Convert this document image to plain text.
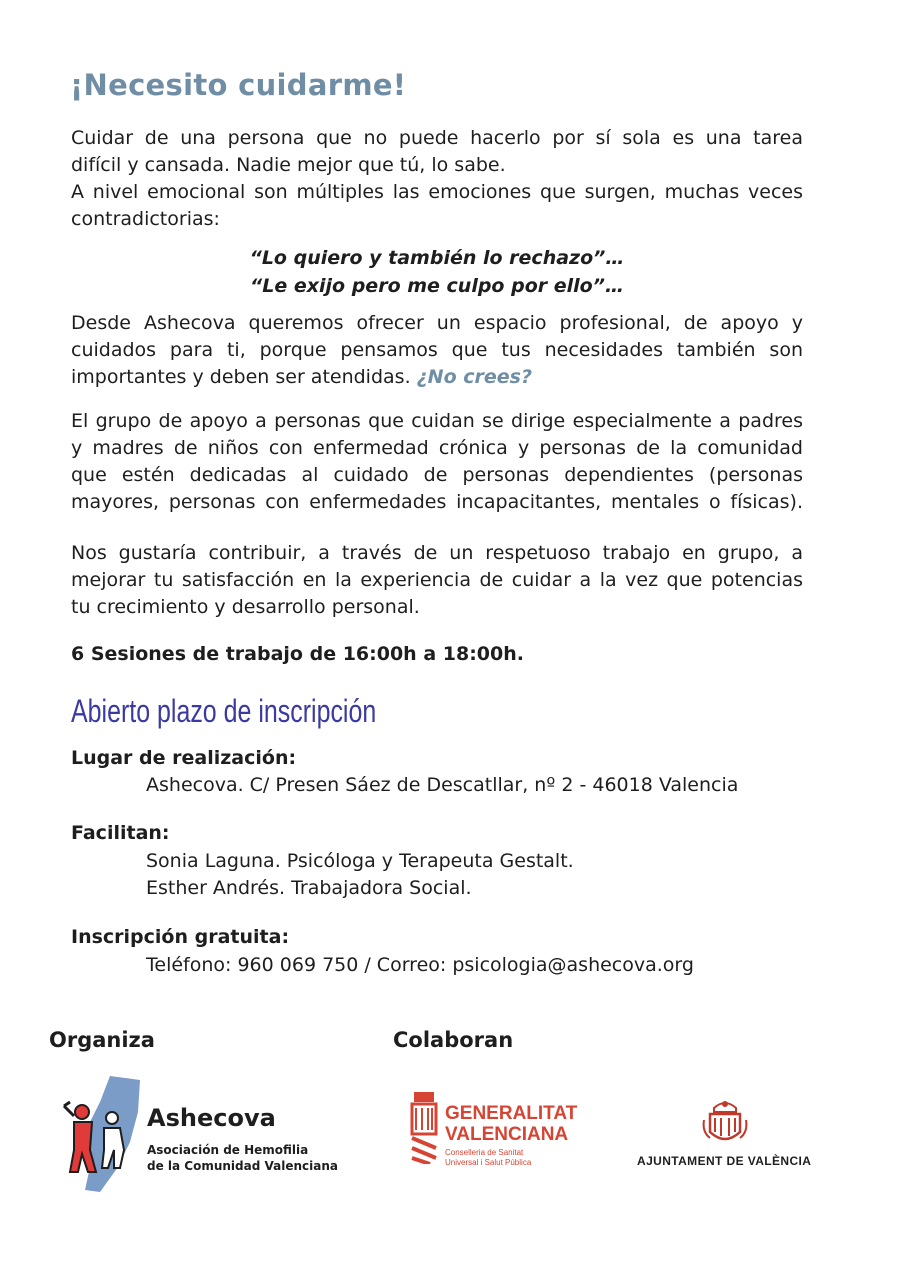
¡Necesito cuidarme!

Cuidar de una persona que no puede hacerlo por sí sola es una tarea
difícil y cansada. Nadie mejor que tú, lo sabe.
A nivel emocional son múltiples las emociones que surgen, muchas veces
contradictorias:

“Lo quiero y también lo rechazo”…
“Le exijo pero me culpo por ello”…

Desde Ashecova queremos ofrecer un espacio profesional, de apoyo y
cuidados para ti, porque pensamos que tus necesidades también son
importantes y deben ser atendidas. ¿No crees?

El grupo de apoyo a personas que cuidan se dirige especialmente a padres
y madres de niños con enfermedad crónica y personas de la comunidad
que estén dedicadas al cuidado de personas dependientes (personas
mayores, personas con enfermedades incapacitantes, mentales o físicas).

Nos gustaría contribuir, a través de un respetuoso trabajo en grupo, a
mejorar tu satisfacción en la experiencia de cuidar a la vez que potencias
tu crecimiento y desarrollo personal.

6 Sesiones de trabajo de 16:00h a 18:00h.

Abierto plazo de inscripción

Lugar de realización:

Ashecova. C/ Presen Sáez de Descatllar, nº 2 - 46018 Valencia

Facilitan:

Sonia Laguna. Psicóloga y Terapeuta Gestalt.
Esther Andrés. Trabajadora Social.

Inscripción gratuita:

Teléfono: 960 069 750 / Correo: psicologia@ashecova.org

Organiza	Colaboran

Ashecova

Asociación de Hemofilia
de la Comunidad Valenciana

GENERALITAT
VALENCIANA

Conselleria de Sanitat
Universal i Salut Pública	AJUNTAMENT DE VALÈNCIA
